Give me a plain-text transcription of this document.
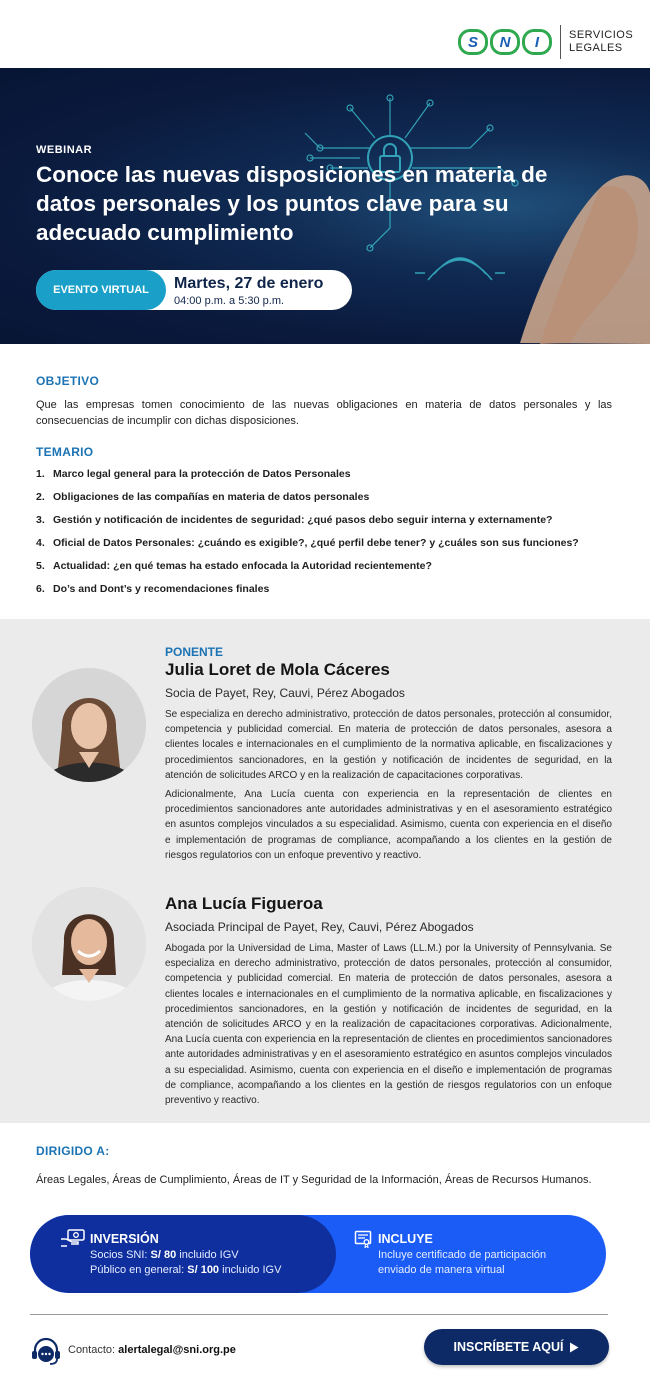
S	N	I	SERVICIOS
LEGALES
WEBINAR
Conoce las nuevas disposiciones en materia de datos personales y los puntos clave para su adecuado cumplimiento
EVENTO VIRTUAL	Martes, 27 de enero
04:00 p.m. a 5:30 p.m.
OBJETIVO

Que las empresas tomen conocimiento de las nuevas obligaciones en materia de datos personales y las consecuencias de incumplir con dichas disposiciones.

TEMARIO
1. Marco legal general para la protección de Datos Personales
2. Obligaciones de las compañías en materia de datos personales
3. Gestión y notificación de incidentes de seguridad: ¿qué pasos debo seguir interna y externamente?
4. Oficial de Datos Personales: ¿cuándo es exigible?, ¿qué perfil debe tener? y ¿cuáles son sus funciones?
5. Actualidad: ¿en qué temas ha estado enfocada la Autoridad recientemente?
6. Do’s and Dont’s y recomendaciones finales
PONENTE
Julia Loret de Mola Cáceres
Socia de Payet, Rey, Cauvi, Pérez Abogados

Se especializa en derecho administrativo, protección de datos personales, protección al consumidor, competencia y publicidad comercial. En materia de protección de datos personales, asesora a clientes locales e internacionales en el cumplimiento de la normativa aplicable, en fiscalizaciones y procedimientos sancionadores, en la gestión y notificación de incidentes de seguridad, en la atención de solicitudes ARCO y en la realización de capacitaciones corporativas.

Adicionalmente, Ana Lucía cuenta con experiencia en la representación de clientes en procedimientos sancionadores ante autoridades administrativas y en el asesoramiento estratégico en asuntos complejos vinculados a su especialidad. Asimismo, cuenta con experiencia en el diseño e implementación de programas de compliance, acompañando a los clientes en la gestión de riesgos regulatorios con un enfoque preventivo y reactivo.

Ana Lucía Figueroa
Asociada Principal de Payet, Rey, Cauvi, Pérez Abogados

Abogada por la Universidad de Lima, Master of Laws (LL.M.) por la University of Pennsylvania. Se especializa en derecho administrativo, protección de datos personales, protección al consumidor, competencia y publicidad comercial. En materia de protección de datos personales, asesora a clientes locales e internacionales en el cumplimiento de la normativa aplicable, en fiscalizaciones y procedimientos sancionadores, en la gestión y notificación de incidentes de seguridad, en la atención de solicitudes ARCO y en la realización de capacitaciones corporativas. Adicionalmente, Ana Lucía cuenta con experiencia en la representación de clientes en procedimientos sancionadores ante autoridades administrativas y en el asesoramiento estratégico en asuntos complejos vinculados a su especialidad. Asimismo, cuenta con experiencia en el diseño e implementación de programas de compliance, acompañando a los clientes en la gestión de riesgos regulatorios con un enfoque preventivo y reactivo.

DIRIGIDO A:

Áreas Legales, Áreas de Cumplimiento, Áreas de IT y Seguridad de la Información, Áreas de Recursos Humanos.

INVERSIÓN
Socios SNI: S/ 80 incluido IGV
Público en general: S/ 100 incluido IGV
INCLUYE
Incluye certificado de participación
enviado de manera virtual
Contacto: alertalegal@sni.org.pe	INSCRÍBETE AQUÍ
